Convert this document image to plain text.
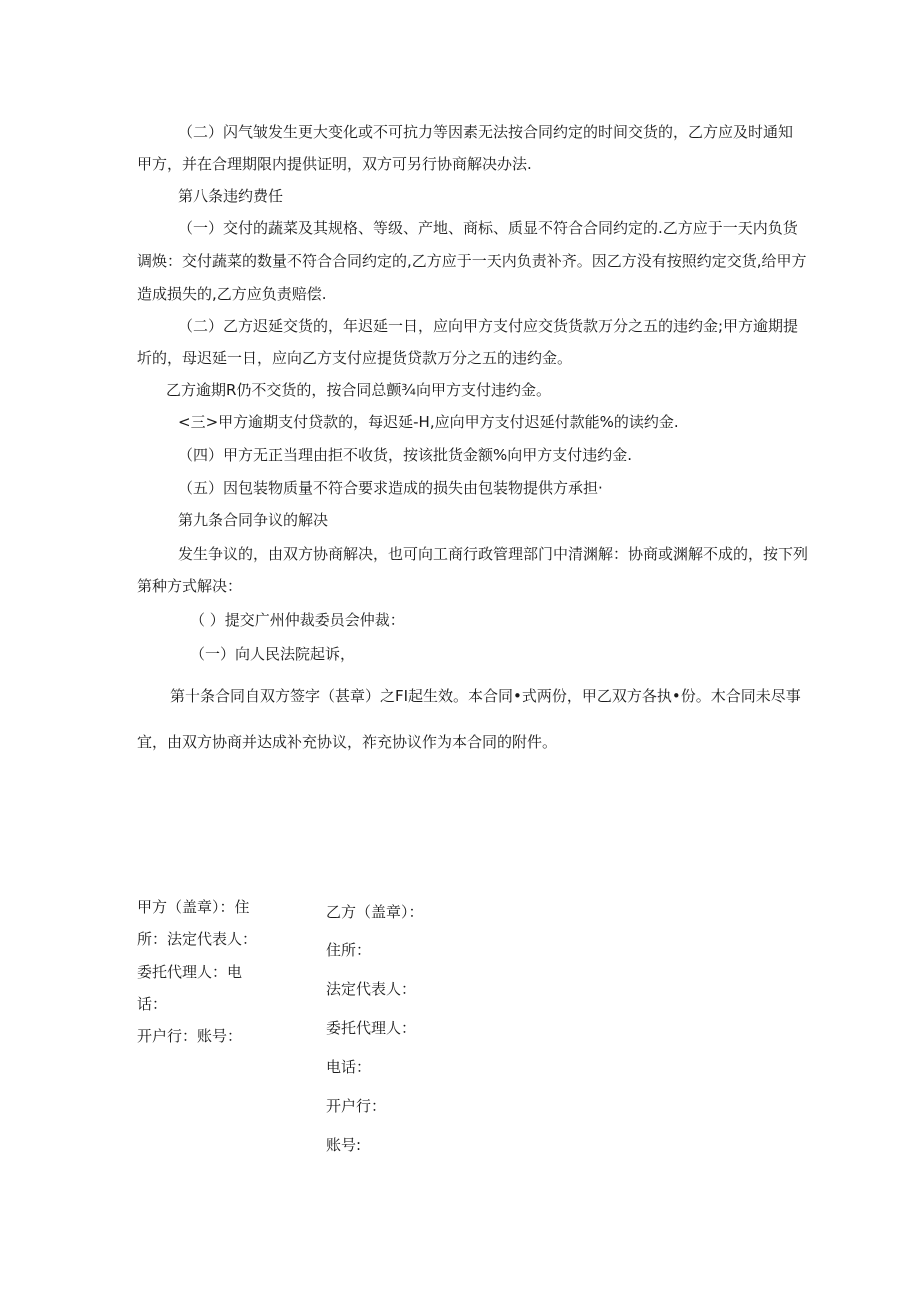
（二）闪气皱发生更大变化或不可抗力等因素无法按合同约定的时间交货的，乙方应及时通知
甲方，并在合理期限内提供证明，双方可另行协商解决办法.
第八条违约费任
（一）交付的蔬菜及其规格、等级、产地、商标、质显不符合合同约定的.乙方应于一天内负货
调焕：交付蔬菜的数量不符合合同约定的,乙方应于一天内负责补齐。因乙方没有按照约定交货,给甲方
造成损失的,乙方应负责赔偿.
（二）乙方迟延交货的，年迟延一日，应向甲方支付应交货货款万分之五的违约金;甲方逾期提
圻的，母迟延一日，应向乙方支付应提货贷款万分之五的违约金。
乙方逾期R仍不交货的，按合同总颤¾向甲方支付违约金。
<三>甲方逾期支付贷款的，每迟延-H,应向甲方支付迟延付款能%的读约金.
（四）甲方无正当理由拒不收货，按该批货金额%向甲方支付违约金.
（五）因包装物质量不符合要求造成的损失由包装物提供方承担·
第九条合同争议的解决
发生争议的，由双方协商解决，也可向工商行政管理部门中清渊解：协商或渊解不成的，按下列
第种方式解决：
（ ）提交广州仲裁委员会仲裁：
（一）向人民法院起诉，
第十条合同自双方签字（甚章）之FI起生效。本合同•式两份，甲乙双方各执•份。木合同未尽事
宜，由双方协商并达成补充协议，祚充协议作为本合同的附件。
甲方（盖章）：住
所：法定代表人：
委托代理人：电
话：
开户行：账号：
乙方（盖章）：
住所：
法定代表人：
委托代理人：
电话：
开户行：
账号:
